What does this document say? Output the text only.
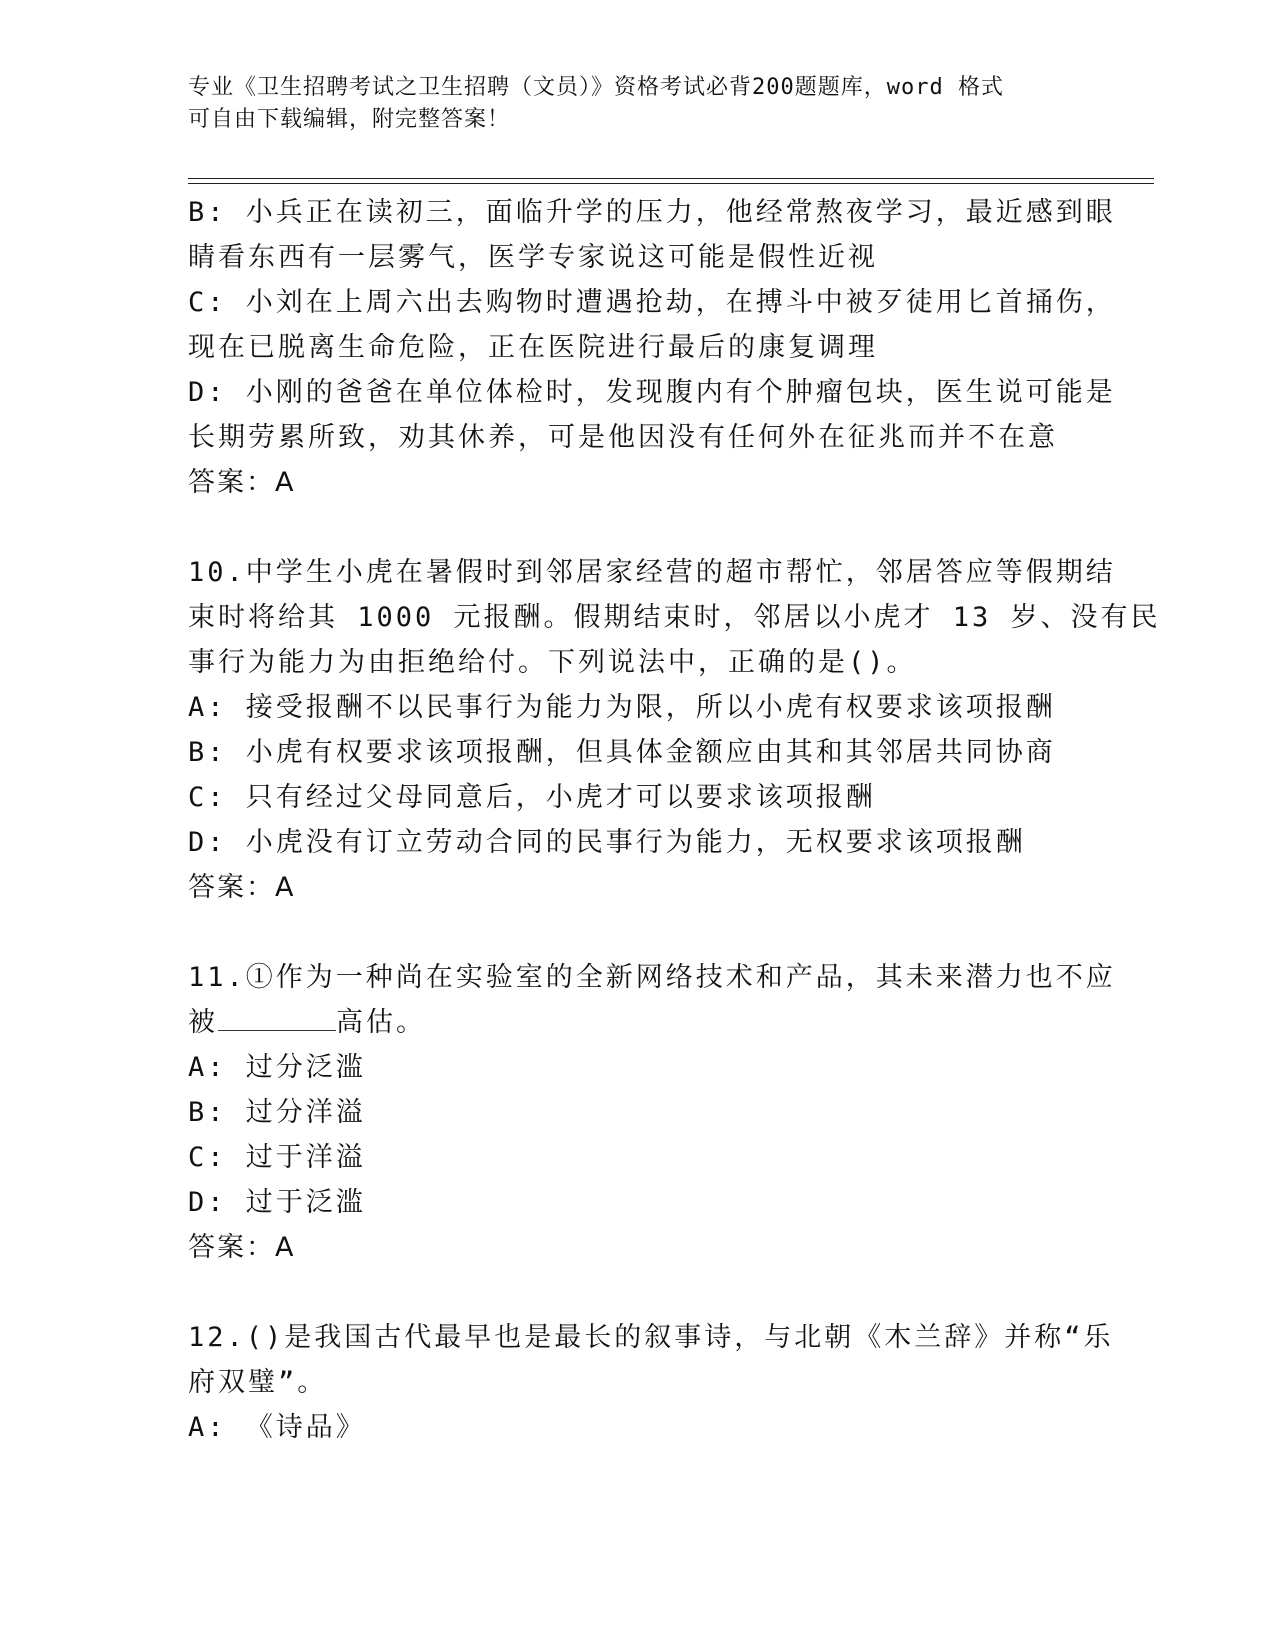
专业《卫生招聘考试之卫生招聘（文员）》资格考试必背200题题库，word 格式
可自由下载编辑，附完整答案！
B: 小兵正在读初三，面临升学的压力，他经常熬夜学习，最近感到眼
睛看东西有一层雾气，医学专家说这可能是假性近视
C: 小刘在上周六出去购物时遭遇抢劫，在搏斗中被歹徒用匕首捅伤，
现在已脱离生命危险，正在医院进行最后的康复调理
D: 小刚的爸爸在单位体检时，发现腹内有个肿瘤包块，医生说可能是
长期劳累所致，劝其休养，可是他因没有任何外在征兆而并不在意
答案：A
10.中学生小虎在暑假时到邻居家经营的超市帮忙，邻居答应等假期结
束时将给其 1000 元报酬。假期结束时，邻居以小虎才 13 岁、没有民
事行为能力为由拒绝给付。下列说法中，正确的是()。
A: 接受报酬不以民事行为能力为限，所以小虎有权要求该项报酬
B: 小虎有权要求该项报酬，但具体金额应由其和其邻居共同协商
C: 只有经过父母同意后，小虎才可以要求该项报酬
D: 小虎没有订立劳动合同的民事行为能力，无权要求该项报酬
答案：A
11.①作为一种尚在实验室的全新网络技术和产品，其未来潜力也不应
被	高估。
A: 过分泛滥
B: 过分洋溢
C: 过于洋溢
D: 过于泛滥
答案：A
12.()是我国古代最早也是最长的叙事诗，与北朝《木兰辞》并称“乐
府双璧”。
A: 《诗品》
